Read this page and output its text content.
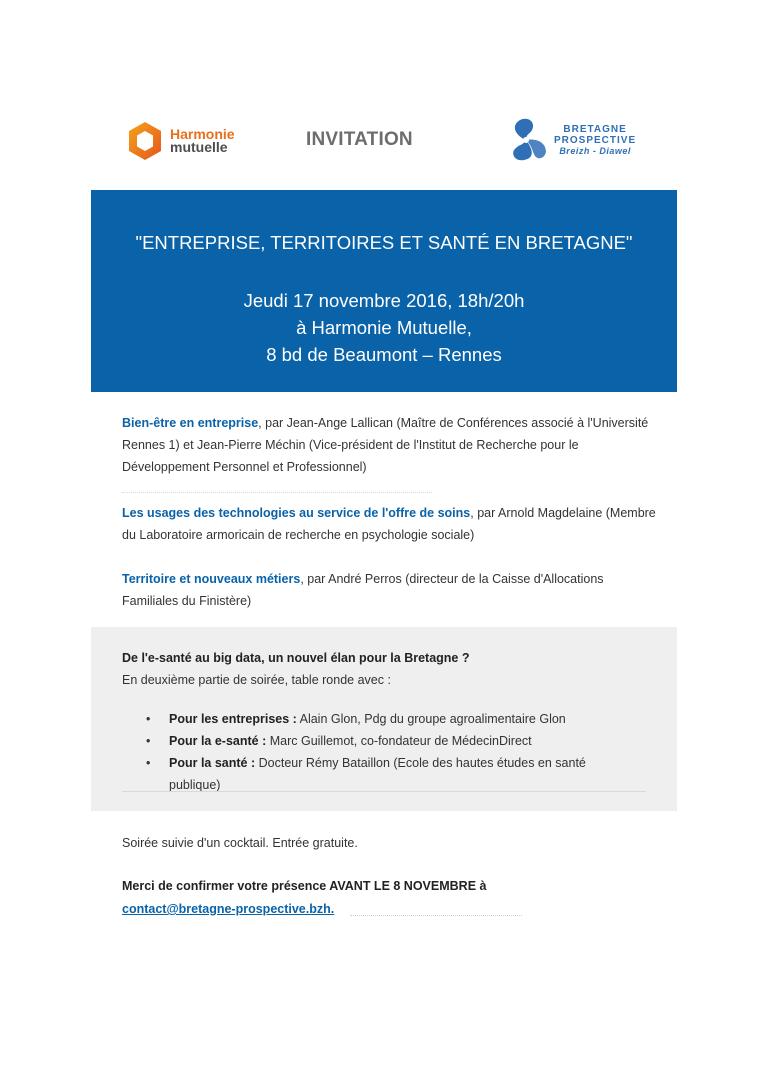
Harmonie
mutuelle	INVITATION	BRETAGNE
PROSPECTIVE
Breizh - Diawel
"ENTREPRISE, TERRITOIRES ET SANTÉ EN BRETAGNE"
Jeudi 17 novembre 2016, 18h/20h
à Harmonie Mutuelle,
8 bd de Beaumont – Rennes
Bien-être en entreprise, par Jean-Ange Lallican (Maître de Conférences associé à l'Université Rennes 1) et Jean-Pierre Méchin (Vice-président de l'Institut de Recherche pour le Développement Personnel et Professionnel)
Les usages des technologies au service de l'offre de soins, par Arnold Magdelaine (Membre du Laboratoire armoricain de recherche en psychologie sociale)
Territoire et nouveaux métiers, par André Perros (directeur de la Caisse d'Allocations Familiales du Finistère)
De l'e-santé au big data, un nouvel élan pour la Bretagne ?
En deuxième partie de soirée, table ronde avec :
• Pour les entreprises : Alain Glon, Pdg du groupe agroalimentaire Glon
• Pour la e-santé : Marc Guillemot, co-fondateur de MédecinDirect
• Pour la santé : Docteur Rémy Bataillon (Ecole des hautes études en santé publique)
Soirée suivie d'un cocktail. Entrée gratuite.
Merci de confirmer votre présence AVANT LE 8 NOVEMBRE à
contact@bretagne-prospective.bzh.
